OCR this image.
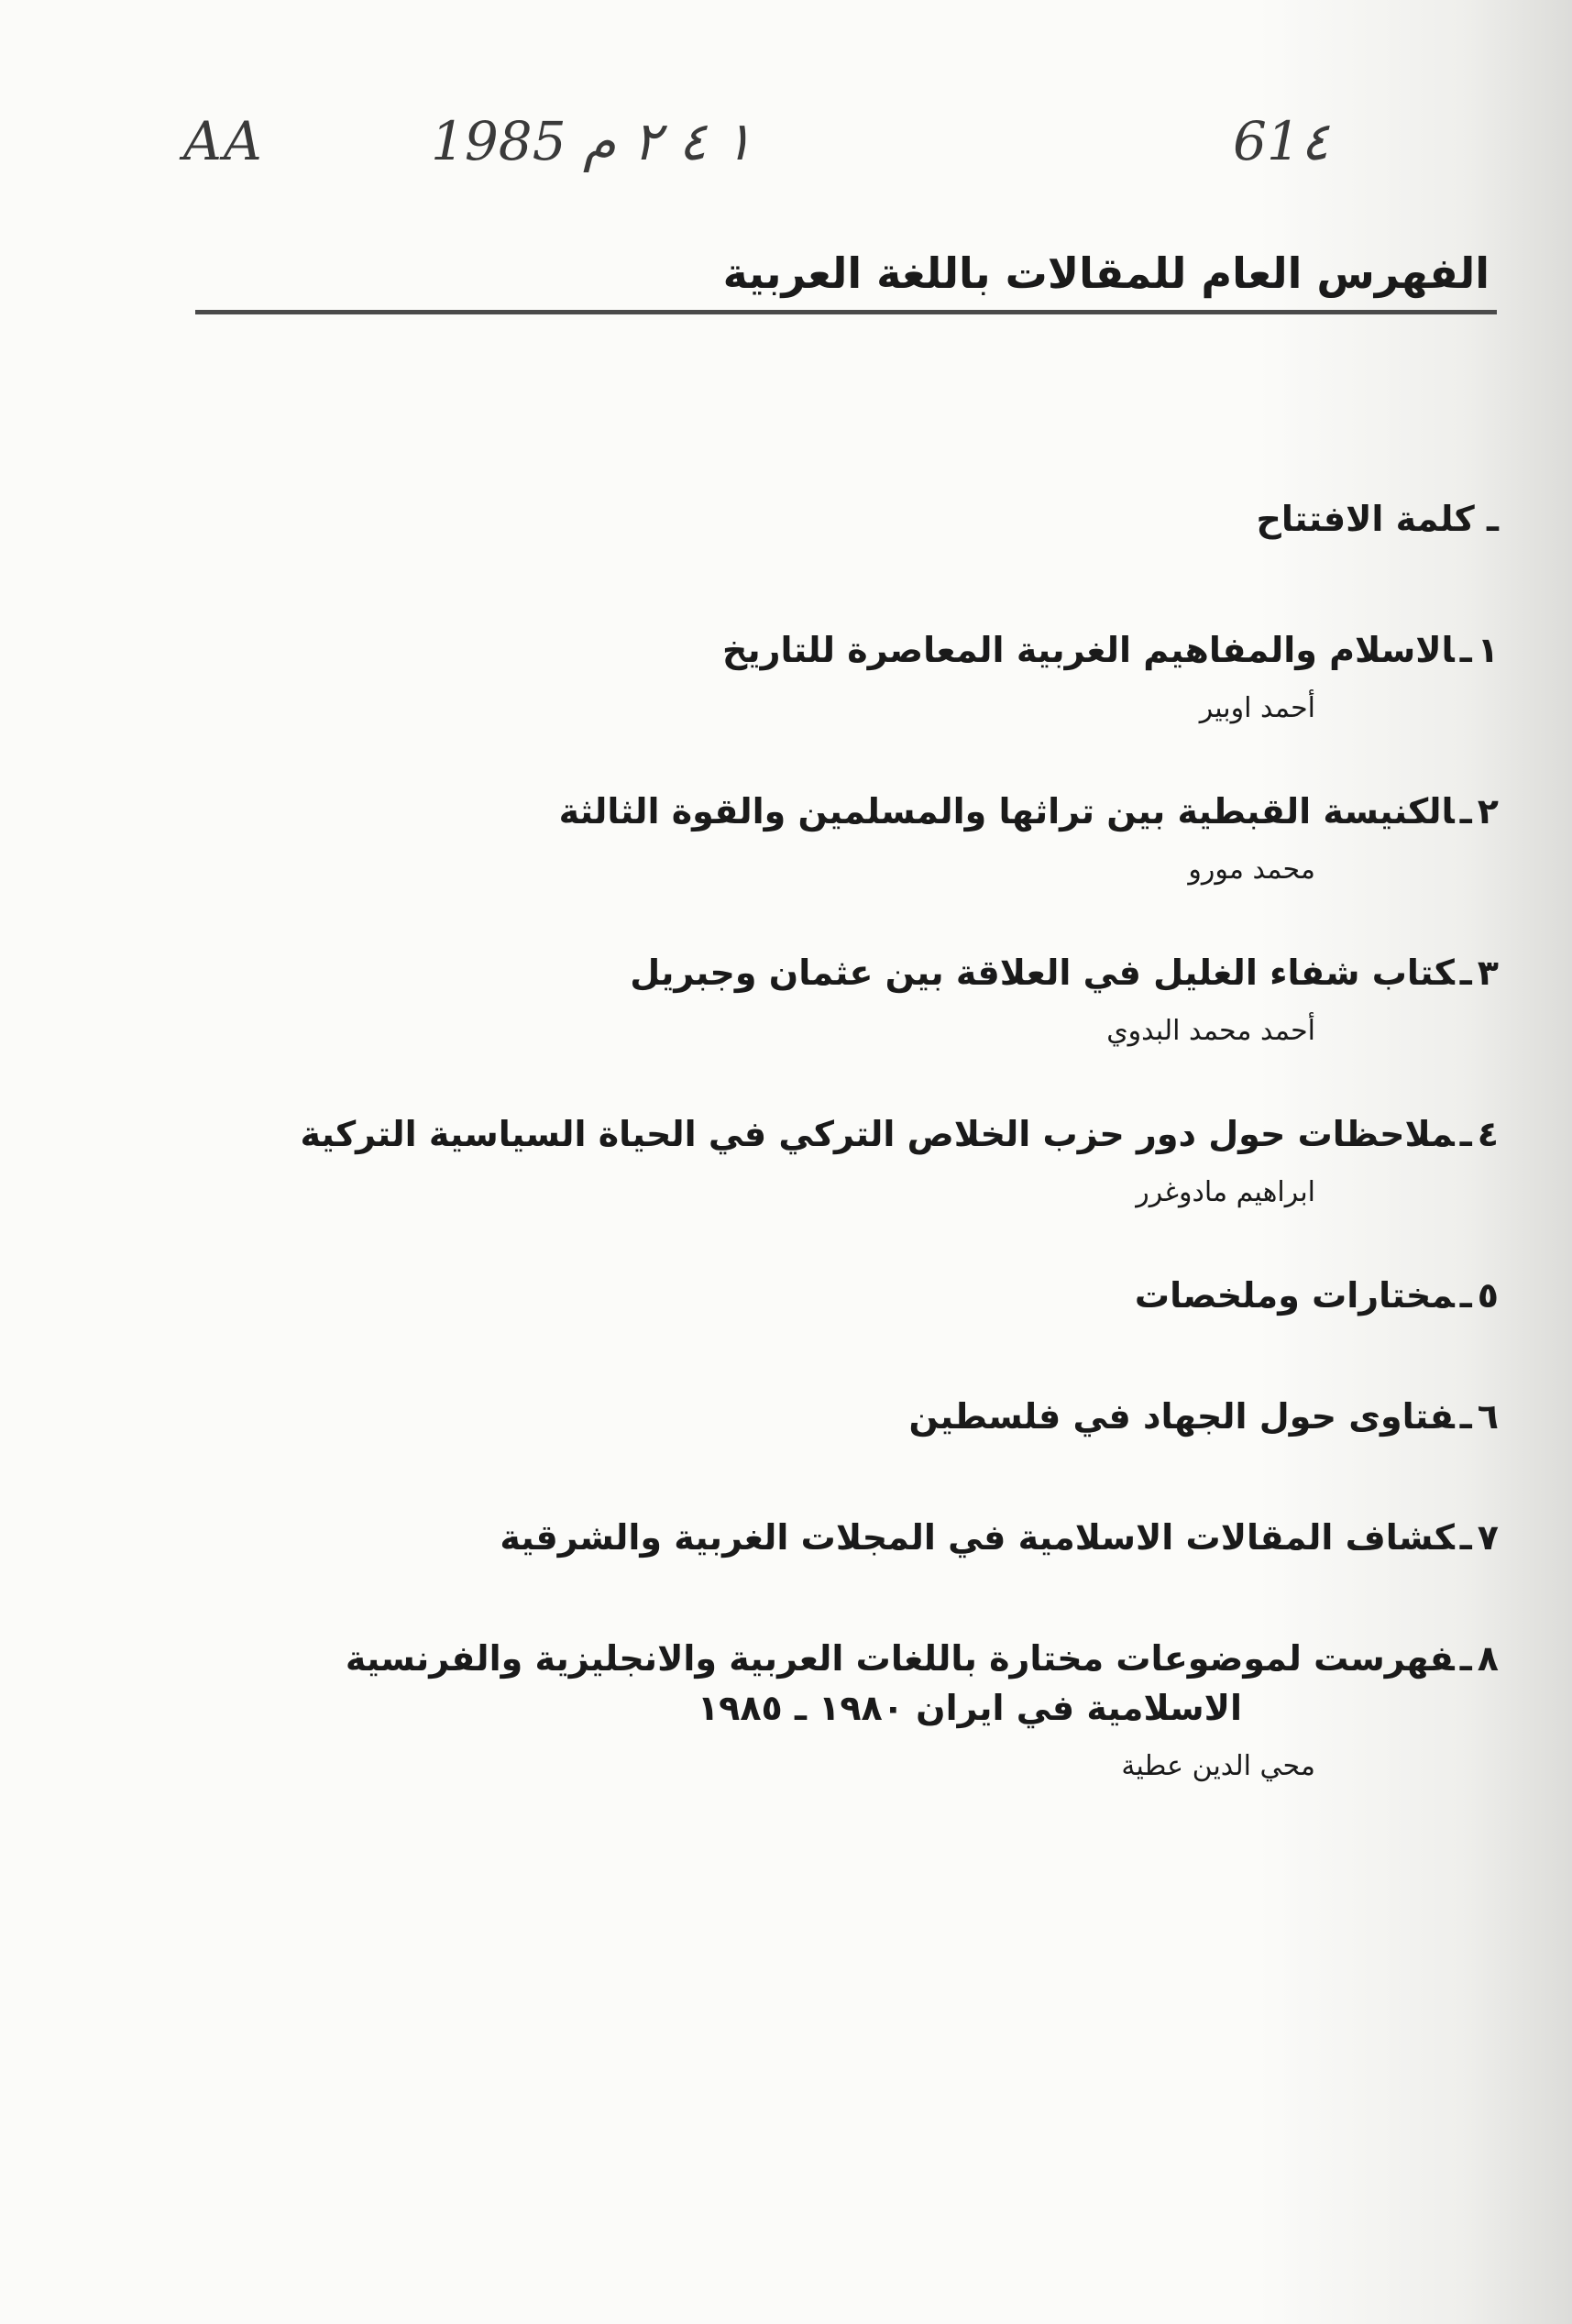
AA	١ ٤ ٢ م 1985	61٤
الفهرس العام للمقالات باللغة العربية
ـ كلمة الافتتاح
١ـالاسلام والمفاهيم الغربية المعاصرة للتاريخ
أحمد اوبير
٢ـالكنيسة القبطية بين تراثها والمسلمين والقوة الثالثة
محمد مورو
٣ـكتاب شفاء الغليل في العلاقة بين عثمان وجبريل
أحمد محمد البدوي
٤ـملاحظات حول دور حزب الخلاص التركي في الحياة السياسية التركية
ابراهيم مادوغرر
٥ـمختارات وملخصات
٦ـفتاوى حول الجهاد في فلسطين
٧ـكشاف المقالات الاسلامية في المجلات الغربية والشرقية
٨ـفهرست لموضوعات مختارة باللغات العربية والانجليزية والفرنسية
الاسلامية في ايران ١٩٨٠ ـ ١٩٨٥
محي الدين عطية
